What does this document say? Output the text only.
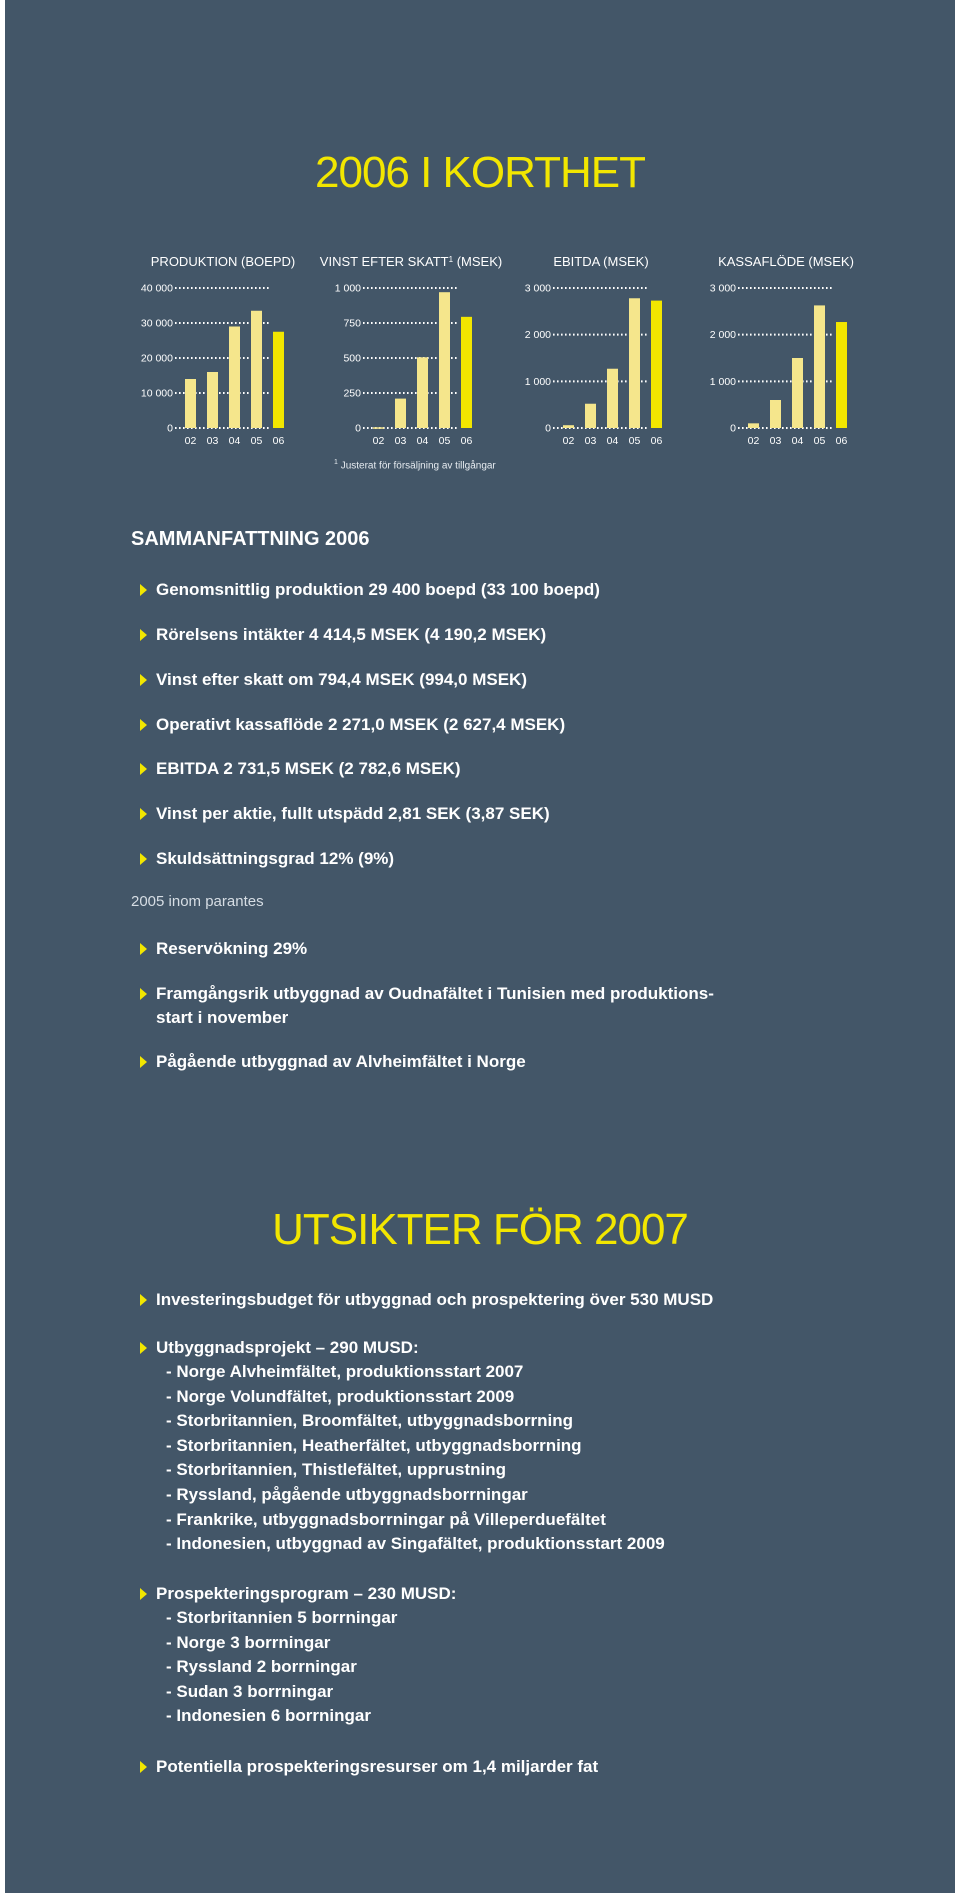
2006 I KORTHET
PRODUKTION (BOEPD)
0
10 000
20 000
30 000
40 000
02 03 04 05 06
VINST EFTER SKATT$^1$ (MSEK)
0
250
500
750
1 000
02 03 04 05 06
EBITDA (MSEK)
0
1 000
2 000
3 000
02 03 04 05 06
KASSAFLÖDE (MSEK)
0
1 000
2 000
3 000
02 03 04 05 06
$^1$ Justerat för försäljning av tillgångar
SAMMANFATTNING 2006
Genomsnittlig produktion 29 400 boepd (33 100 boepd)
Rörelsens intäkter 4 414,5 MSEK (4 190,2 MSEK)
Vinst efter skatt om 794,4 MSEK (994,0 MSEK)
Operativt kassaflöde 2 271,0 MSEK (2 627,4 MSEK)
EBITDA 2 731,5 MSEK (2 782,6 MSEK)
Vinst per aktie, fullt utspädd 2,81 SEK (3,87 SEK)
Skuldsättningsgrad 12% (9%)
2005 inom parantes
Reservökning 29%
Framgångsrik utbyggnad av Oudnafältet i Tunisien med produktions-
start i november
Pågående utbyggnad av Alvheimfältet i Norge
UTSIKTER FÖR 2007
Investeringsbudget för utbyggnad och prospektering över 530 MUSD
Utbyggnadsprojekt – 290 MUSD:
- Norge Alvheimfältet, produktionsstart 2007
- Norge Volundfältet, produktionsstart 2009
- Storbritannien, Broomfältet, utbyggnadsborrning
- Storbritannien, Heatherfältet, utbyggnadsborrning
- Storbritannien, Thistlefältet, upprustning
- Ryssland, pågående utbyggnadsborrningar
- Frankrike, utbyggnadsborrningar på Villeperduefältet
- Indonesien, utbyggnad av Singafältet, produktionsstart 2009
Prospekteringsprogram – 230 MUSD:
- Storbritannien 5 borrningar
- Norge 3 borrningar
- Ryssland 2 borrningar
- Sudan 3 borrningar
- Indonesien 6 borrningar
Potentiella prospekteringsresurser om 1,4 miljarder fat
